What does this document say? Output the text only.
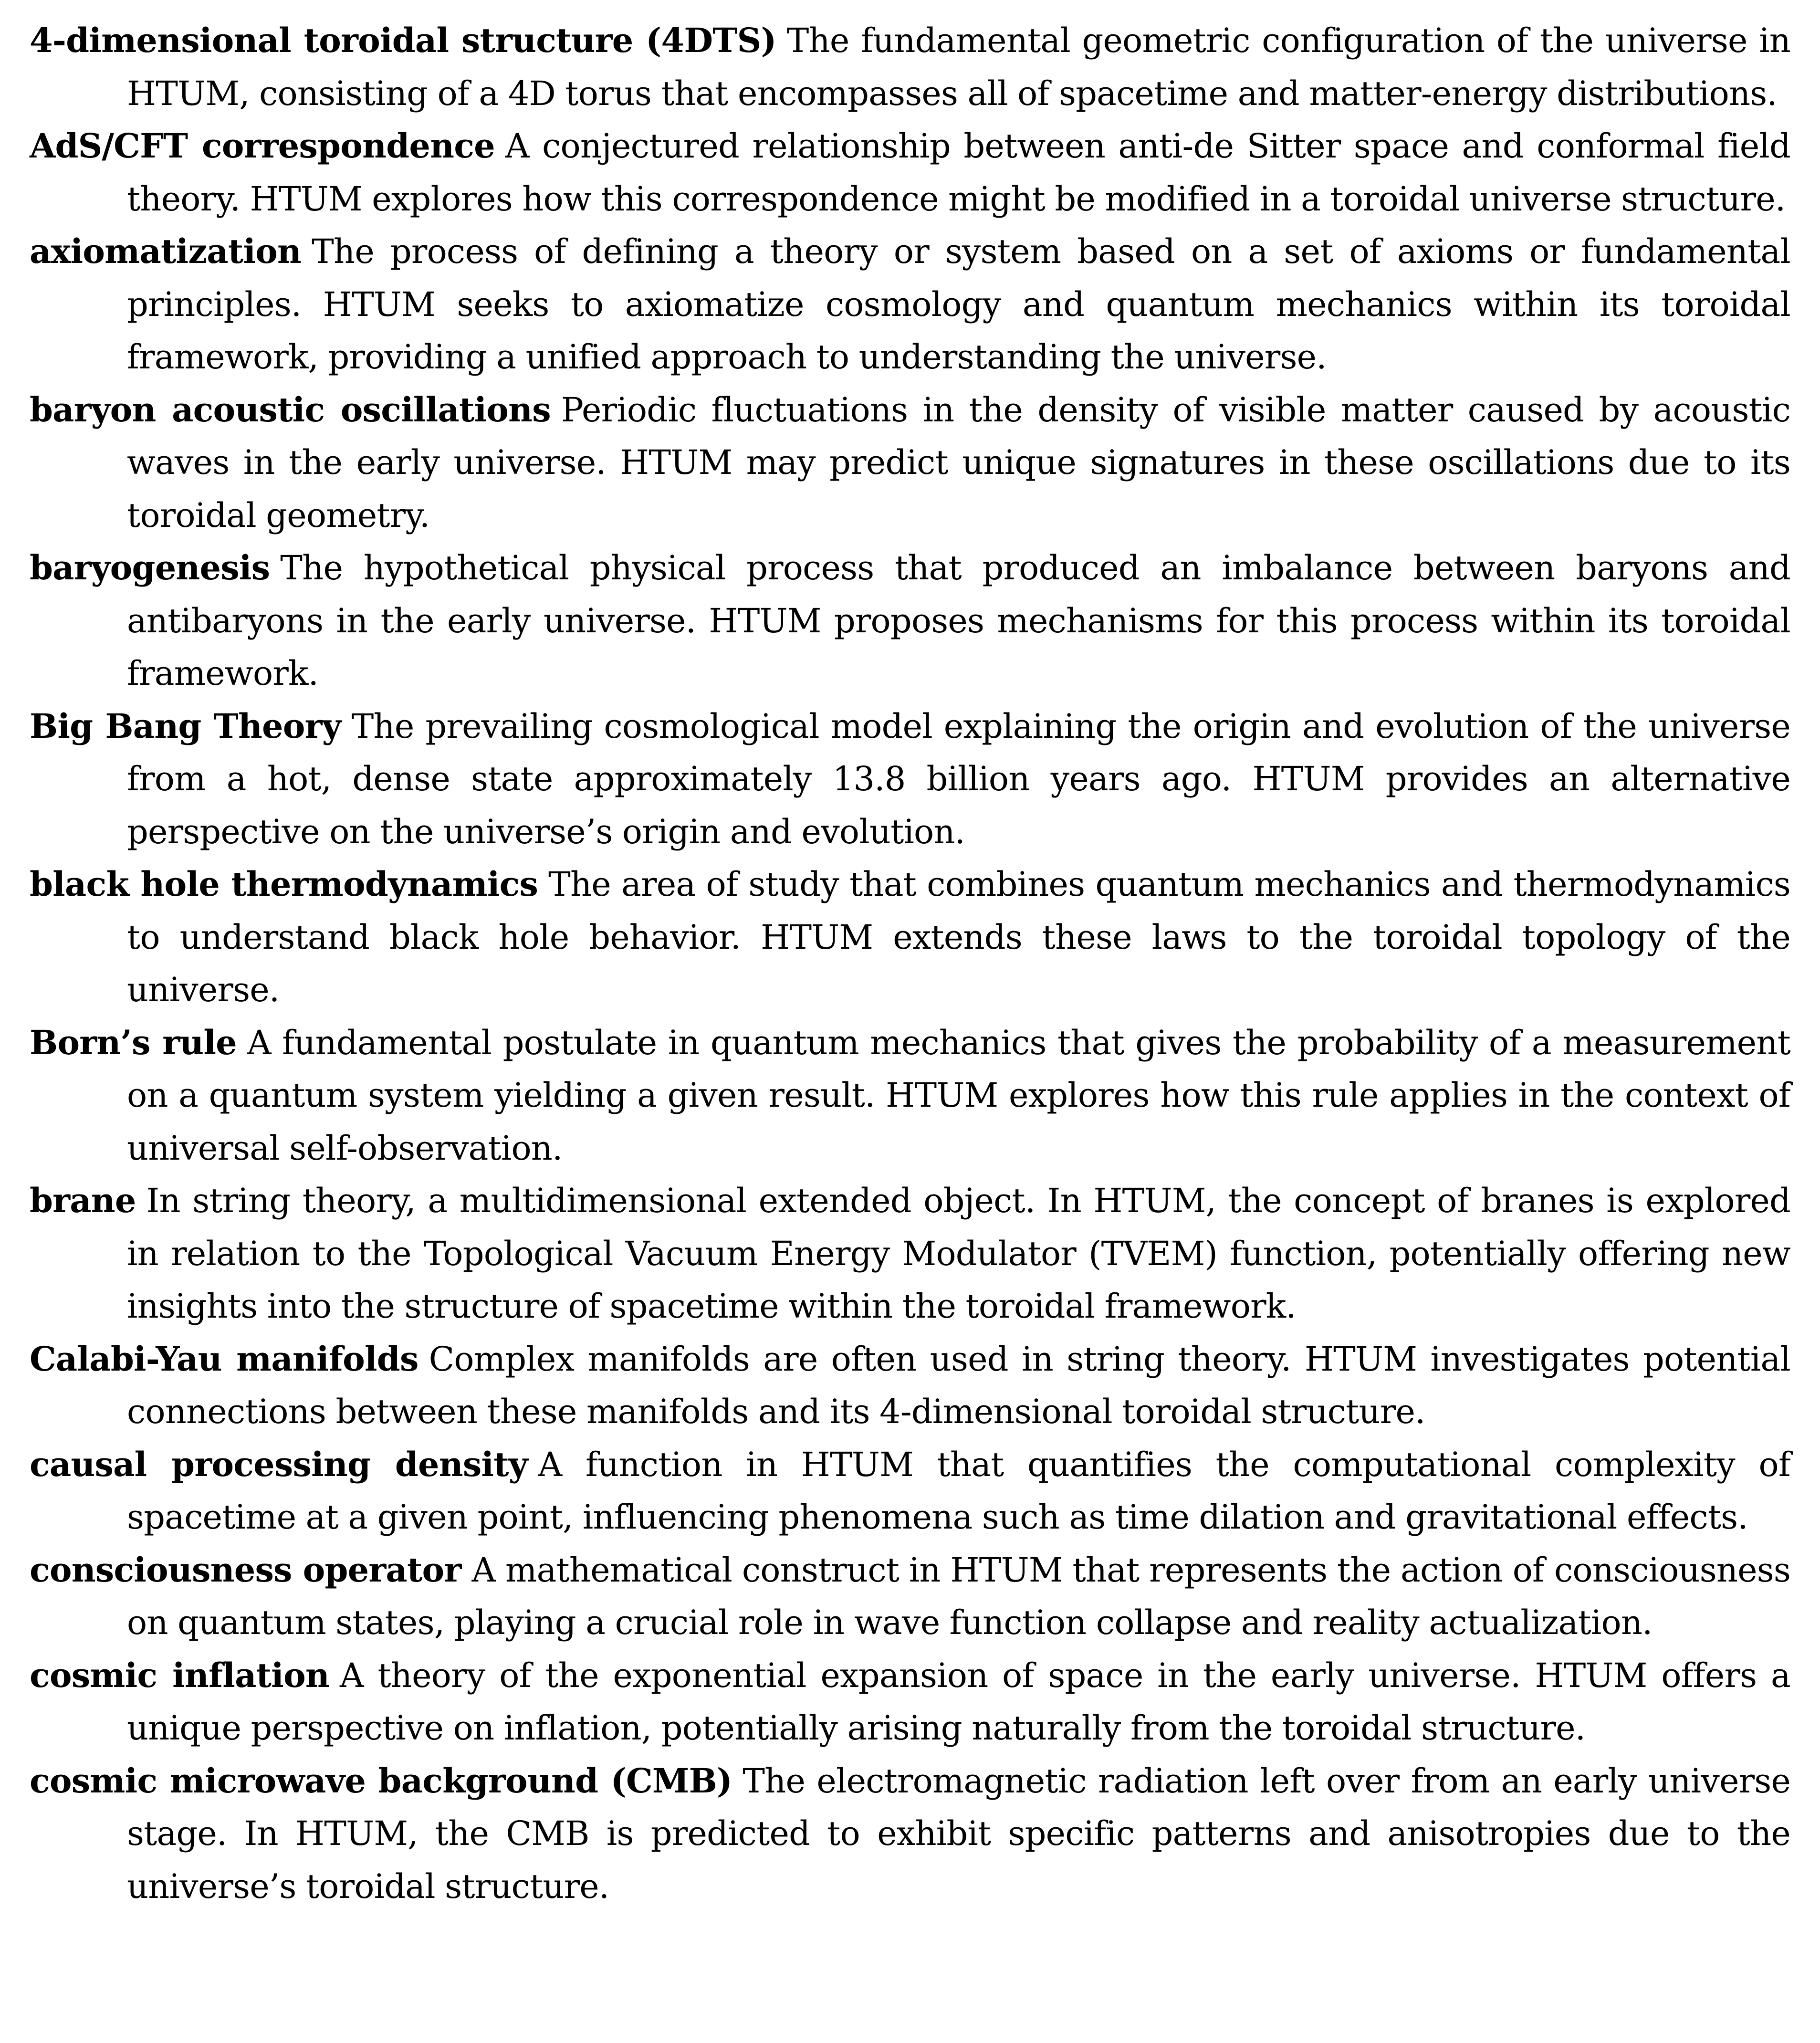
4-dimensional toroidal structure (4DTS) The fundamental geometric configuration of the universe in HTUM, consisting of a 4D torus that encompasses all of spacetime and matter-energy distributions.

AdS/CFT correspondence A conjectured relationship between anti-de Sitter space and conformal field theory. HTUM explores how this correspondence might be modified in a toroidal universe structure.

axiomatization The process of defining a theory or system based on a set of axioms or fundamental principles. HTUM seeks to axiomatize cosmology and quantum mechanics within its toroidal framework, providing a unified approach to understanding the universe.

baryon acoustic oscillations Periodic fluctuations in the density of visible matter caused by acoustic waves in the early universe. HTUM may predict unique signatures in these oscillations due to its toroidal geometry.

baryogenesis The hypothetical physical process that produced an imbalance between baryons and antibaryons in the early universe. HTUM proposes mechanisms for this process within its toroidal framework.

Big Bang Theory The prevailing cosmological model explaining the origin and evolution of the universe from a hot, dense state approximately 13.8 billion years ago. HTUM provides an alternative perspective on the universe’s origin and evolution.

black hole thermodynamics The area of study that combines quantum mechanics and thermodynamics to understand black hole behavior. HTUM extends these laws to the toroidal topology of the universe.

Born’s rule A fundamental postulate in quantum mechanics that gives the probability of a measurement on a quantum system yielding a given result. HTUM explores how this rule applies in the context of universal self-observation.

brane In string theory, a multidimensional extended object. In HTUM, the concept of branes is explored in relation to the Topological Vacuum Energy Modulator (TVEM) function, potentially offering new insights into the structure of spacetime within the toroidal framework.

Calabi-Yau manifolds Complex manifolds are often used in string theory. HTUM investigates potential connections between these manifolds and its 4-dimensional toroidal structure.

causal processing density A function in HTUM that quantifies the computational complexity of spacetime at a given point, influencing phenomena such as time dilation and gravitational effects.

consciousness operator A mathematical construct in HTUM that represents the action of consciousness on quantum states, playing a crucial role in wave function collapse and reality actualization.

cosmic inflation A theory of the exponential expansion of space in the early universe. HTUM offers a unique perspective on inflation, potentially arising naturally from the toroidal structure.

cosmic microwave background (CMB) The electromagnetic radiation left over from an early universe stage. In HTUM, the CMB is predicted to exhibit specific patterns and anisotropies due to the universe’s toroidal structure.
